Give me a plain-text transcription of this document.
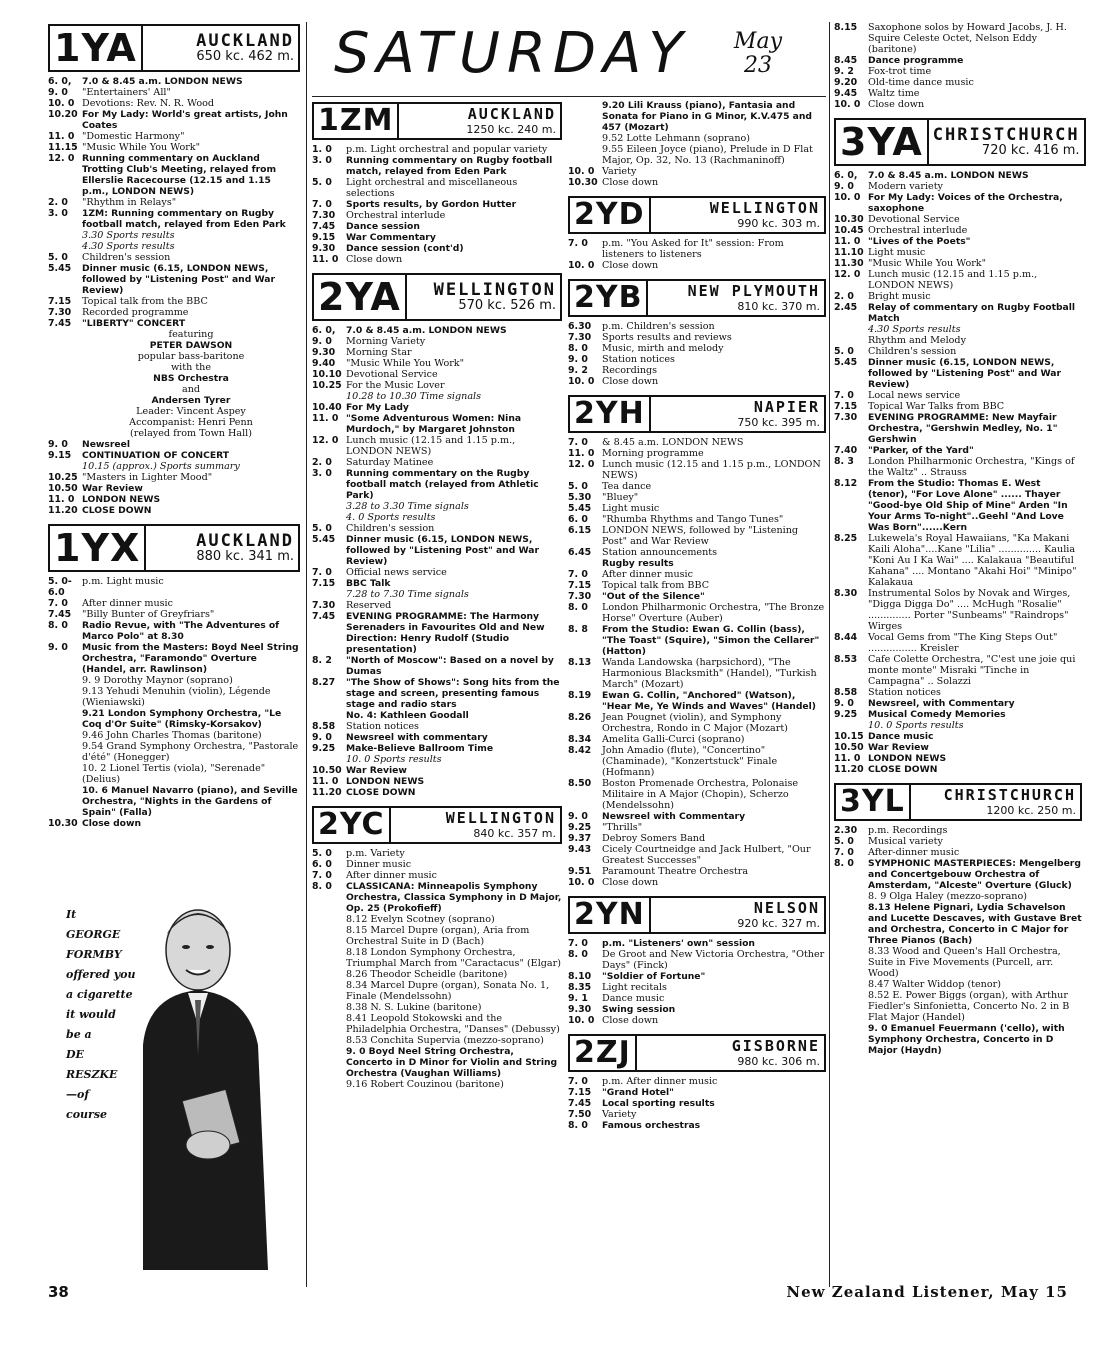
SATURDAY May
23
1YA	AUCKLAND
650 kc. 462 m.
6. 0,	7.0 & 8.45 a.m. LONDON NEWS
9. 0	"Entertainers' All"
10. 0 Devotions: Rev. N. R. Wood
10.20 For My Lady: World's great artists, John Coates
11. 0 "Domestic Harmony"
11.15 "Music While You Work"
12. 0 Running commentary on Auckland Trotting Club's Meeting, relayed from Ellerslie Racecourse (12.15 and 1.15 p.m., LONDON NEWS)
2. 0	"Rhythm in Relays"
3. 0	1ZM: Running commentary on Rugby football match, relayed from Eden Park
3.30 Sports results
4.30 Sports results
5. 0	Children's session
5.45	Dinner music (6.15, LONDON NEWS, followed by "Listening Post" and War Review)
7.15	Topical talk from the BBC
7.30	Recorded programme
7.45	"LIBERTY" CONCERT
featuring
PETER DAWSON
popular bass-baritone
with the
NBS Orchestra
and
Andersen Tyrer
Leader: Vincent Aspey
Accompanist: Henri Penn
(relayed from Town Hall)
9. 0	Newsreel
9.15	CONTINUATION OF CONCERT
10.15 (approx.) Sports summary
10.25 "Masters in Lighter Mood"
10.50 War Review
11. 0 LONDON NEWS
11.20 CLOSE DOWN
1YX	AUCKLAND
880 kc. 341 m.
5. 0-6.0
p.m. Light music
7. 0	After dinner music
7.45	"Billy Bunter of Greyfriars"
8. 0	Radio Revue, with "The Adventures of Marco Polo" at 8.30
9. 0	Music from the Masters: Boyd Neel String Orchestra, "Faramondo" Overture (Handel, arr. Rawlinson)
9. 9 Dorothy Maynor (soprano)
9.13 Yehudi Menuhin (violin), Légende (Wieniawski)
9.21 London Symphony Orchestra, "Le Coq d'Or Suite" (Rimsky-Korsakov)
9.46 John Charles Thomas (baritone)
9.54 Grand Symphony Orchestra, "Pastorale d'été" (Honegger)
10. 2 Lionel Tertis (viola), "Serenade" (Delius)
10. 6 Manuel Navarro (piano), and Seville Orchestra, "Nights in the Gardens of Spain" (Falla)
10.30 Close down
It
GEORGE
FORMBY
offered you
a cigarette
it would
be a
DE
RESZKE
—of
course
1ZM	AUCKLAND
1250 kc. 240 m.
1. 0	p.m. Light orchestral and popular variety
3. 0	Running commentary on Rugby football match, relayed from Eden Park
5. 0	Light orchestral and miscellaneous selections
7. 0	Sports results, by Gordon Hutter
7.30	Orchestral interlude
7.45	Dance session
9.15	War Commentary
9.30	Dance session (cont'd)
11. 0 Close down
2YA	WELLINGTON
570 kc. 526 m.
6. 0,	7.0 & 8.45 a.m. LONDON NEWS
9. 0	Morning Variety
9.30	Morning Star
9.40	"Music While You Work"
10.10 Devotional Service
10.25 For the Music Lover
10.28 to 10.30 Time signals
10.40 For My Lady
11. 0 "Some Adventurous Women: Nina Murdoch," by Margaret Johnston
12. 0 Lunch music (12.15 and 1.15 p.m., LONDON NEWS)
2. 0	Saturday Matinee
3. 0	Running commentary on the Rugby football match (relayed from Athletic Park)
3.28 to 3.30 Time signals
4. 0 Sports results
5. 0	Children's session
5.45	Dinner music (6.15, LONDON NEWS, followed by "Listening Post" and War Review)
7. 0	Official news service
7.15	BBC Talk
7.28 to 7.30 Time signals
7.30	Reserved
7.45	EVENING PROGRAMME: The Harmony Serenaders in Favourites Old and New Direction: Henry Rudolf (Studio presentation)
8. 2	"North of Moscow": Based on a novel by Dumas
8.27	"The Show of Shows": Song hits from the stage and screen, presenting famous stage and radio stars
No. 4: Kathleen Goodall
8.58	Station notices
9. 0	Newsreel with commentary
9.25	Make-Believe Ballroom Time
10. 0 Sports results
10.50 War Review
11. 0 LONDON NEWS
11.20 CLOSE DOWN
2YC	WELLINGTON
840 kc. 357 m.
5. 0	p.m. Variety
6. 0	Dinner music
7. 0	After dinner music
8. 0	CLASSICANA: Minneapolis Symphony Orchestra, Classica Symphony in D Major, Op. 25 (Prokofieff)
8.12 Evelyn Scotney (soprano)
8.15 Marcel Dupre (organ), Aria from Orchestral Suite in D (Bach)
8.18 London Symphony Orchestra, Triumphal March from "Caractacus" (Elgar)
8.26 Theodor Scheidle (baritone)
8.34 Marcel Dupre (organ), Sonata No. 1, Finale (Mendelssohn)
8.38 N. S. Lukine (baritone)
8.41 Leopold Stokowski and the Philadelphia Orchestra, "Danses" (Debussy)
8.53 Conchita Supervia (mezzo-soprano)
9. 0 Boyd Neel String Orchestra, Concerto in D Minor for Violin and String Orchestra (Vaughan Williams)
9.16 Robert Couzinou (baritone)
9.20 Lili Krauss (piano), Fantasia and Sonata for Piano in G Minor, K.V.475 and 457 (Mozart)
9.52 Lotte Lehmann (soprano)
9.55 Eileen Joyce (piano), Prelude in D Flat Major, Op. 32, No. 13 (Rachmaninoff)
10. 0 Variety
10.30 Close down
2YD	WELLINGTON
990 kc. 303 m.
7. 0	p.m. "You Asked for It" session: From listeners to listeners
10. 0 Close down
2YB	NEW PLYMOUTH
810 kc. 370 m.
6.30	p.m. Children's session
7.30	Sports results and reviews
8. 0	Music, mirth and melody
9. 0	Station notices
9. 2	Recordings
10. 0 Close down
2YH	NAPIER
750 kc. 395 m.
7. 0	& 8.45 a.m. LONDON NEWS
11. 0 Morning programme
12. 0 Lunch music (12.15 and 1.15 p.m., LONDON NEWS)
5. 0	Tea dance
5.30	"Bluey"
5.45	Light music
6. 0	"Rhumba Rhythms and Tango Tunes"
6.15	LONDON NEWS, followed by "Listening Post" and War Review
6.45	Station announcements
Rugby results
7. 0	After dinner music
7.15	Topical talk from BBC
7.30	"Out of the Silence"
8. 0	London Philharmonic Orchestra, "The Bronze Horse" Overture (Auber)
8. 8	From the Studio: Ewan G. Collin (bass), "The Toast" (Squire), "Simon the Cellarer" (Hatton)
8.13	Wanda Landowska (harpsichord), "The Harmonious Blacksmith" (Handel), "Turkish March" (Mozart)
8.19	Ewan G. Collin, "Anchored" (Watson), "Hear Me, Ye Winds and Waves" (Handel)
8.26	Jean Pougnet (violin), and Symphony Orchestra, Rondo in C Major (Mozart)
8.34	Amelita Galli-Curci (soprano)
8.42	John Amadio (flute), "Concertino" (Chaminade), "Konzertstuck" Finale (Hofmann)
8.50	Boston Promenade Orchestra, Polonaise Militaire in A Major (Chopin), Scherzo (Mendelssohn)
9. 0	Newsreel with Commentary
9.25	"Thrills"
9.37	Debroy Somers Band
9.43	Cicely Courtneidge and Jack Hulbert, "Our Greatest Successes"
9.51	Paramount Theatre Orchestra
10. 0 Close down
2YN	NELSON
920 kc. 327 m.
7. 0	p.m. "Listeners' own" session
8. 0	De Groot and New Victoria Orchestra, "Other Days" (Finck)
8.10	"Soldier of Fortune"
8.35	Light recitals
9. 1	Dance music
9.30	Swing session
10. 0 Close down
2ZJ	GISBORNE
980 kc. 306 m.
7. 0	p.m. After dinner music
7.15	"Grand Hotel"
7.45	Local sporting results
7.50	Variety
8. 0	Famous orchestras
8.15	Saxophone solos by Howard Jacobs, J. H. Squire Celeste Octet, Nelson Eddy (baritone)
8.45	Dance programme
9. 2	Fox-trot time
9.20	Old-time dance music
9.45	Waltz time
10. 0 Close down
3YA CHRISTCHURCH
720 kc. 416 m.
6. 0,	7.0 & 8.45 a.m. LONDON NEWS
9. 0	Modern variety
10. 0 For My Lady: Voices of the Orchestra, saxophone
10.30 Devotional Service
10.45 Orchestral interlude
11. 0 "Lives of the Poets"
11.10 Light music
11.30 "Music While You Work"
12. 0 Lunch music (12.15 and 1.15 p.m., LONDON NEWS)
2. 0	Bright music
2.45	Relay of commentary on Rugby Football Match
4.30 Sports results
Rhythm and Melody
5. 0	Children's session
5.45	Dinner music (6.15, LONDON NEWS, followed by "Listening Post" and War Review)
7. 0	Local news service
7.15	Topical War Talks from BBC
7.30	EVENING PROGRAMME: New Mayfair Orchestra, "Gershwin Medley, No. 1" Gershwin
7.40	"Parker, of the Yard"
8. 3	London Philharmonic Orchestra, "Kings of the Waltz" .. Strauss
8.12	From the Studio: Thomas E. West (tenor), "For Love Alone" ...... Thayer "Good-bye Old Ship of Mine" Arden "In Your Arms To-night"..Geehl "And Love Was Born"......Kern
8.25	Lukewela's Royal Hawaiians, "Ka Makani Kaili Aloha"....Kane "Lilia" .............. Kaulia "Koni Au I Ka Wai" .... Kalakaua "Beautiful Kahana" .... Montano "Akahi Hoi" "Minipo" Kalakaua
8.30	Instrumental Solos by Novak and Wirges, "Digga Digga Do" .... McHugh "Rosalie" .............. Porter "Sunbeams" "Raindrops" Wirges
8.44	Vocal Gems from "The King Steps Out" ................ Kreisler
8.53	Cafe Colette Orchestra, "C'est une joie qui monte monte" Misraki "Tinche in Campagna" .. Solazzi
8.58	Station notices
9. 0	Newsreel, with Commentary
9.25	Musical Comedy Memories
10. 0 Sports results
10.15 Dance music
10.50 War Review
11. 0 LONDON NEWS
11.20 CLOSE DOWN
3YL	CHRISTCHURCH
1200 kc. 250 m.
2.30	p.m. Recordings
5. 0	Musical variety
7. 0	After-dinner music
8. 0	SYMPHONIC MASTERPIECES: Mengelberg and Concertgebouw Orchestra of Amsterdam, "Alceste" Overture (Gluck)
8. 9 Olga Haley (mezzo-soprano)
8.13 Helene Pignari, Lydia Schavelson and Lucette Descaves, with Gustave Bret and Orchestra, Concerto in C Major for Three Pianos (Bach)
8.33 Wood and Queen's Hall Orchestra, Suite in Five Movements (Purcell, arr. Wood)
8.47 Walter Widdop (tenor)
8.52 E. Power Biggs (organ), with Arthur Fiedler's Sinfonietta, Concerto No. 2 in B Flat Major (Handel)
9. 0 Emanuel Feuermann ('cello), with Symphony Orchestra, Concerto in D Major (Haydn)
38	New Zealand Listener, May 15
